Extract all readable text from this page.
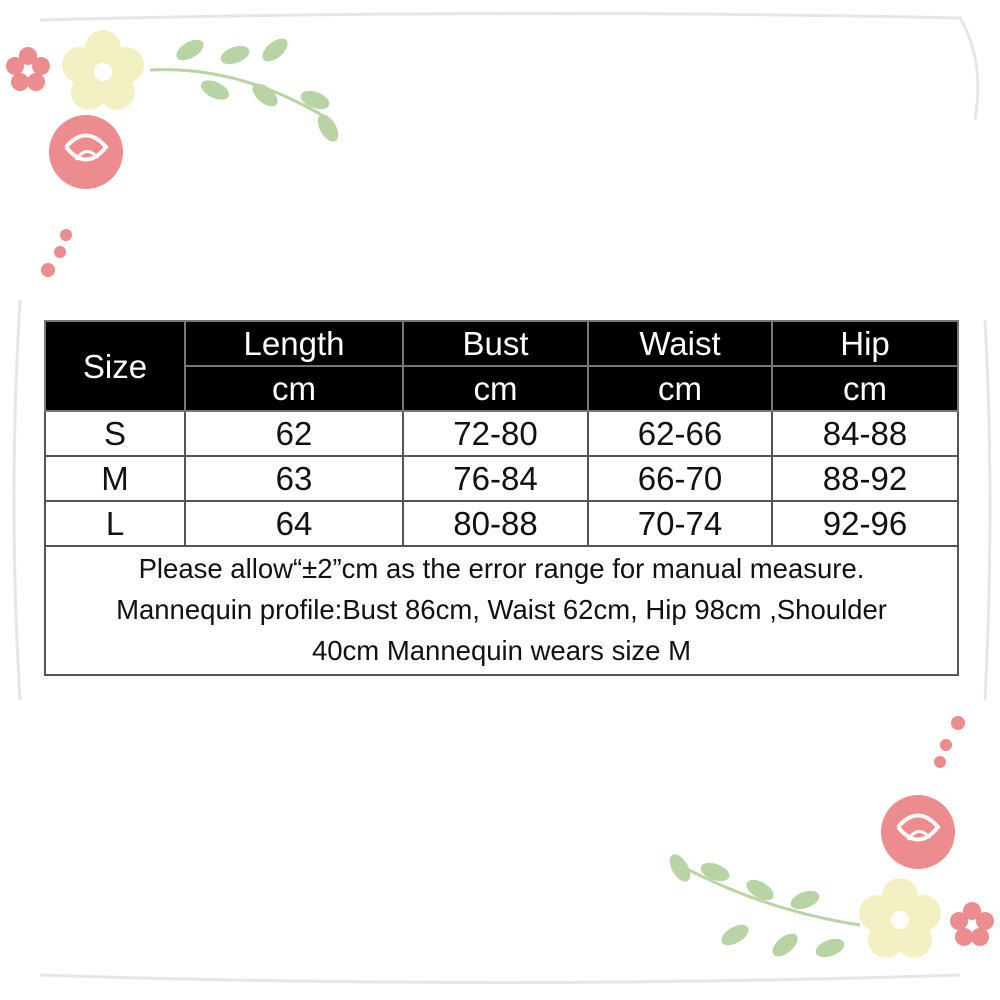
Size	Length	Bust	Waist	Hip
	cm	cm	cm	cm
S	62	72-80	62-66	84-88
M	63	76-84	66-70	88-92
L	64	80-88	70-74	92-96
Please allow“±2”cm as the error range for manual measure.
Mannequin profile:Bust 86cm, Waist 62cm, Hip 98cm ,Shoulder
40cm Mannequin wears size M				
